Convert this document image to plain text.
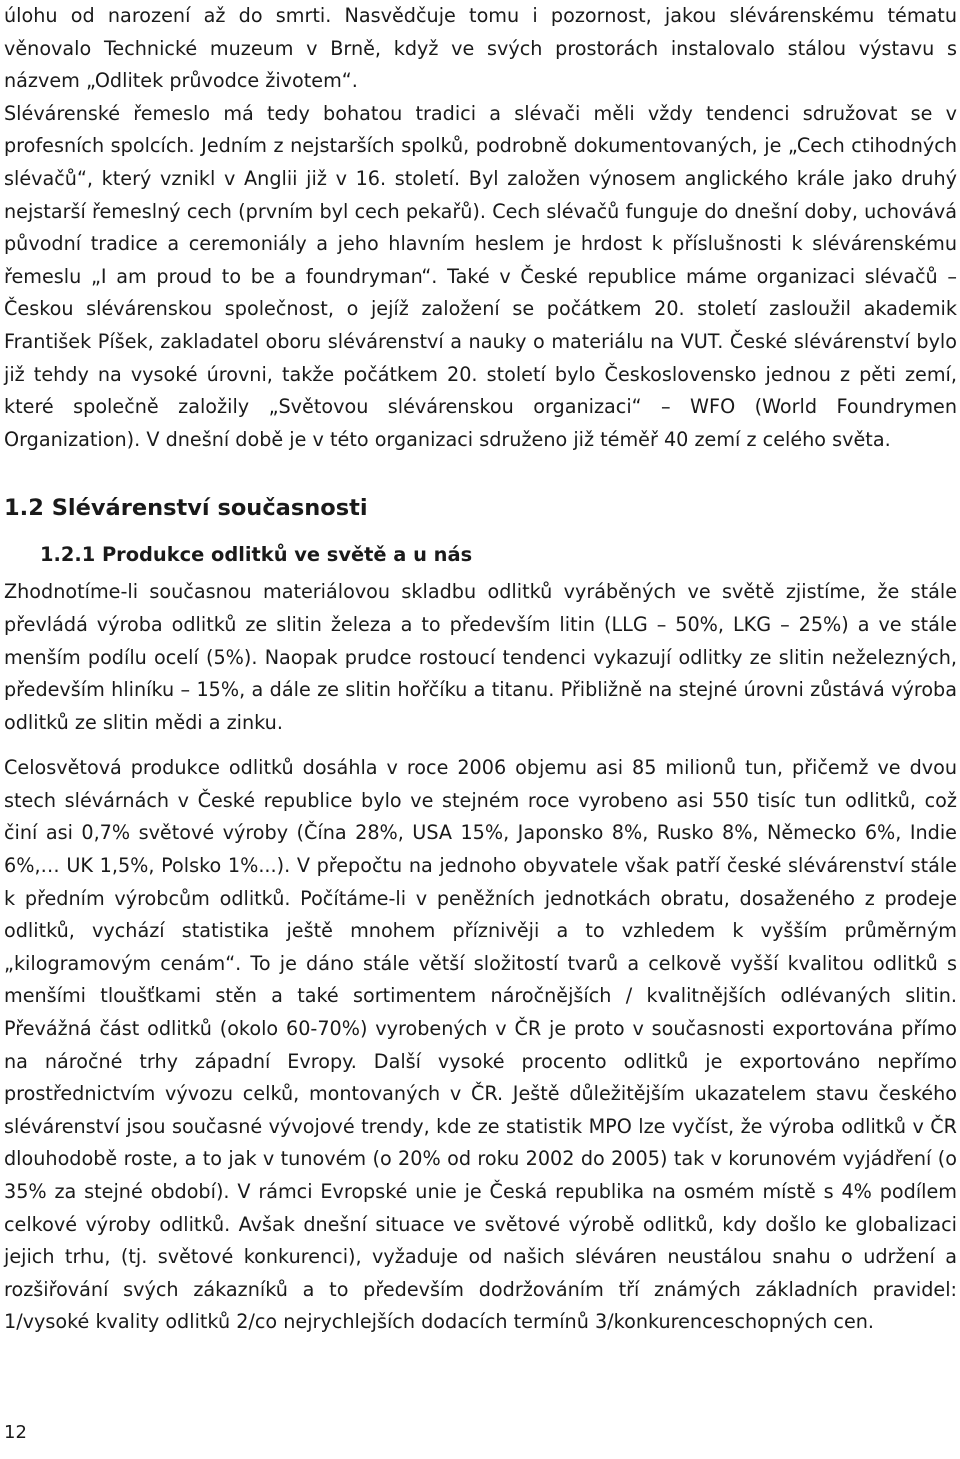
úlohu od narození až do smrti. Nasvědčuje tomu i pozornost, jakou slévárenskému tématu věnovalo Technické muzeum v Brně, když ve svých prostorách instalovalo stálou výstavu s názvem „Odlitek průvodce životem“.

Slévárenské řemeslo má tedy bohatou tradici a slévači měli vždy tendenci sdružovat se v profesních spolcích. Jedním z nejstarších spolků, podrobně dokumentovaných, je „Cech ctihodných slévačů“, který vznikl v Anglii již v 16. století. Byl založen výnosem anglického krále jako druhý nejstarší řemeslný cech (prvním byl cech pekařů). Cech slévačů funguje do dnešní doby, uchovává původní tradice a ceremoniály a jeho hlavním heslem je hrdost k příslušnosti k slévárenskému řemeslu „I am proud to be a foundryman“. Také v České republice máme organizaci slévačů – Českou slévárenskou společnost, o jejíž založení se počátkem 20. století zasloužil akademik František Píšek, zakladatel oboru slévárenství a nauky o materiálu na VUT. České slévárenství bylo již tehdy na vysoké úrovni, takže počátkem 20. století bylo Československo jednou z pěti zemí, které společně založily „Světovou slévárenskou organizaci“ – WFO (World Foundrymen Organization). V dnešní době je v této organizaci sdruženo již téměř 40 zemí z celého světa.

1.2 Slévárenství současnosti
1.2.1 Produkce odlitků ve světě a u nás

Zhodnotíme-li současnou materiálovou skladbu odlitků vyráběných ve světě zjistíme, že stále převládá výroba odlitků ze slitin železa a to především litin (LLG – 50%, LKG – 25%) a ve stále menším podílu ocelí (5%). Naopak prudce rostoucí tendenci vykazují odlitky ze slitin neželezných, především hliníku – 15%, a dále ze slitin hořčíku a titanu. Přibližně na stejné úrovni zůstává výroba odlitků ze slitin mědi a zinku.

Celosvětová produkce odlitků dosáhla v roce 2006 objemu asi 85 milionů tun, přičemž ve dvou stech slévárnách v České republice bylo ve stejném roce vyrobeno asi 550 tisíc tun odlitků, což činí asi 0,7% světové výroby (Čína 28%, USA 15%, Japonsko 8%, Rusko 8%, Německo 6%, Indie 6%,… UK 1,5%, Polsko 1%...). V přepočtu na jednoho obyvatele však patří české slévárenství stále k předním výrobcům odlitků. Počítáme-li v peněžních jednotkách obratu, dosaženého z prodeje odlitků, vychází statistika ještě mnohem příznivěji a to vzhledem k vyšším průměrným „kilogramovým cenám“. To je dáno stále větší složitostí tvarů a celkově vyšší kvalitou odlitků s menšími tloušťkami stěn a také sortimentem náročnějších / kvalitnějších odlévaných slitin. Převážná část odlitků (okolo 60-70%) vyrobených v ČR je proto v současnosti exportována přímo na náročné trhy západní Evropy. Další vysoké procento odlitků je exportováno nepřímo prostřednictvím vývozu celků, montovaných v ČR. Ještě důležitějším ukazatelem stavu českého slévárenství jsou současné vývojové trendy, kde ze statistik MPO lze vyčíst, že výroba odlitků v ČR dlouhodobě roste, a to jak v tunovém (o 20% od roku 2002 do 2005) tak v korunovém vyjádření (o 35% za stejné období). V rámci Evropské unie je Česká republika na osmém místě s 4% podílem celkové výroby odlitků. Avšak dnešní situace ve světové výrobě odlitků, kdy došlo ke globalizaci jejich trhu, (tj. světové konkurenci), vyžaduje od našich sléváren neustálou snahu o udržení a rozšiřování svých zákazníků a to především dodržováním tří známých základních pravidel: 1/vysoké kvality odlitků 2/co nejrychlejších dodacích termínů 3/konkurenceschopných cen.

12
